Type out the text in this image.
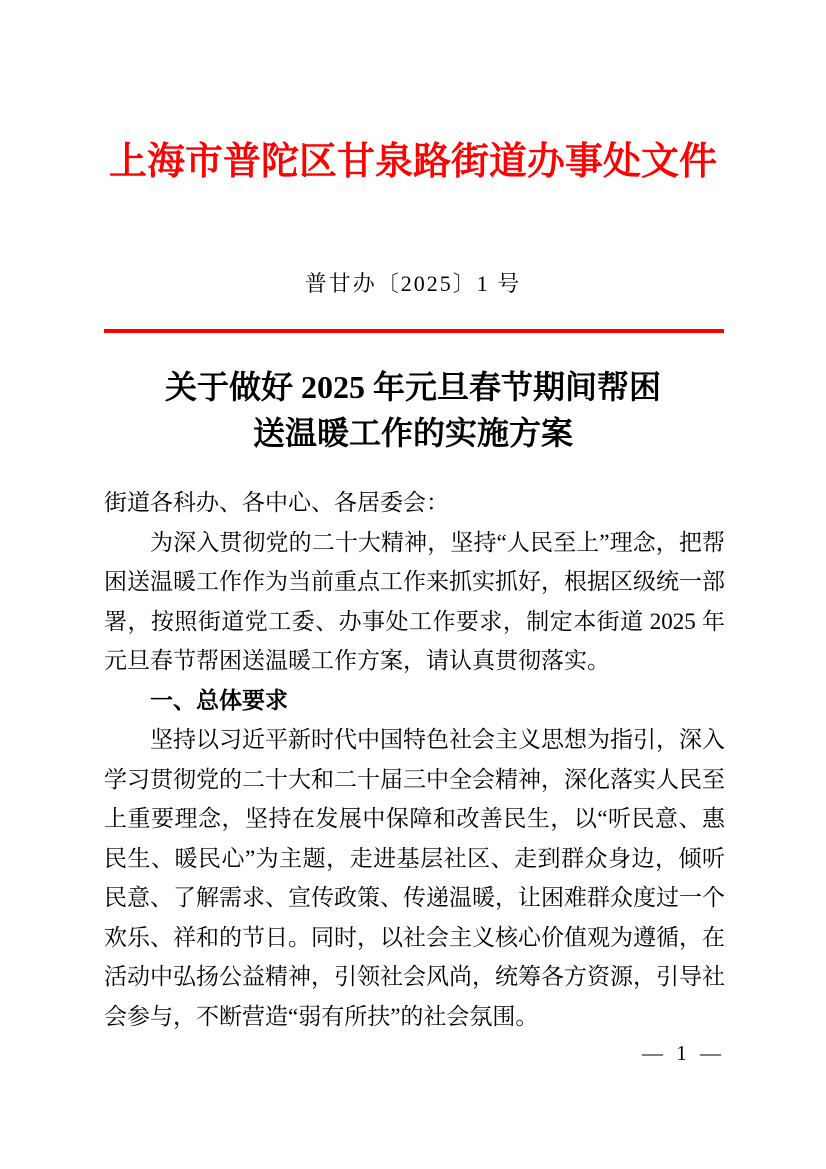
上海市普陀区甘泉路街道办事处文件
普甘办〔2025〕1 号
关于做好 2025 年元旦春节期间帮困
送温暖工作的实施方案

街道各科办、各中心、各居委会：

为深入贯彻党的二十大精神，坚持“人民至上”理念，把帮困送温暖工作作为当前重点工作来抓实抓好，根据区级统一部署，按照街道党工委、办事处工作要求，制定本街道 2025 年元旦春节帮困送温暖工作方案，请认真贯彻落实。

一、总体要求

坚持以习近平新时代中国特色社会主义思想为指引，深入学习贯彻党的二十大和二十届三中全会精神，深化落实人民至上重要理念，坚持在发展中保障和改善民生，以“听民意、惠民生、暖民心”为主题，走进基层社区、走到群众身边，倾听民意、了解需求、宣传政策、传递温暖，让困难群众度过一个欢乐、祥和的节日。同时，以社会主义核心价值观为遵循，在活动中弘扬公益精神，引领社会风尚，统筹各方资源，引导社会参与，不断营造“弱有所扶”的社会氛围。

— 1 —
